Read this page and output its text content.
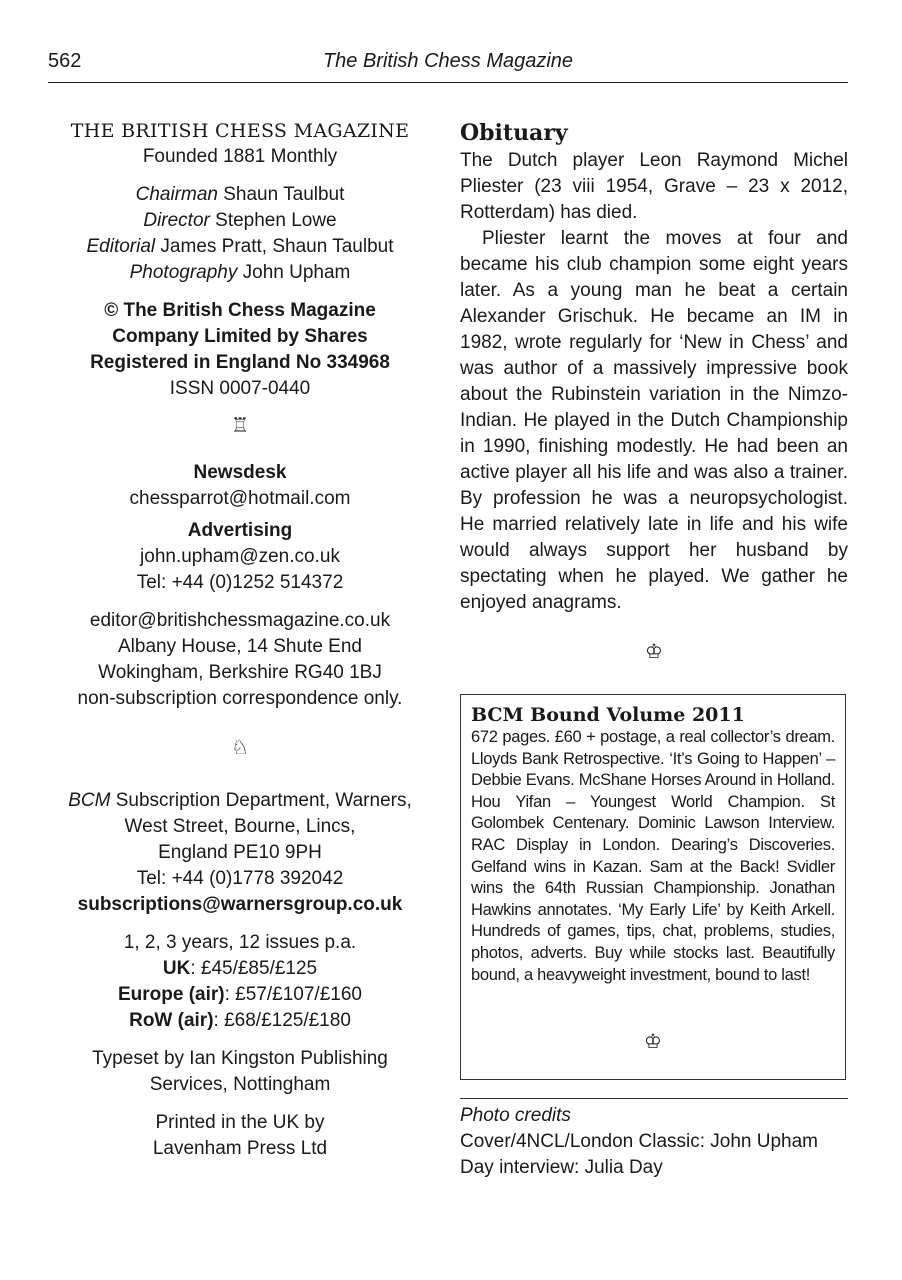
562	The British Chess Magazine

THE BRITISH CHESS MAGAZINE

Founded 1881 Monthly

Chairman Shaun Taulbut

Director Stephen Lowe

Editorial James Pratt, Shaun Taulbut

Photography John Upham

© The British Chess Magazine

Company Limited by Shares

Registered in England No 334968

ISSN 0007-0440

♖

Newsdesk

chessparrot@hotmail.com

Advertising

john.upham@zen.co.uk

Tel: +44 (0)1252 514372

editor@britishchessmagazine.co.uk

Albany House, 14 Shute End

Wokingham, Berkshire RG40 1BJ

non-subscription correspondence only.

♘

BCM Subscription Department, Warners,

West Street, Bourne, Lincs,

England PE10 9PH

Tel: +44 (0)1778 392042

subscriptions@warnersgroup.co.uk

1, 2, 3 years, 12 issues p.a.

UK: £45/£85/£125

Europe (air): £57/£107/£160

RoW (air): £68/£125/£180

Typeset by Ian Kingston Publishing

Services, Nottingham

Printed in the UK by

Lavenham Press Ltd

Obituary

The Dutch player Leon Raymond Michel Pliester (23 viii 1954, Grave – 23 x 2012, Rotterdam) has died.

Pliester learnt the moves at four and became his club champion some eight years later. As a young man he beat a certain Alexander Grischuk. He became an IM in 1982, wrote regularly for ‘New in Chess’ and was author of a massively impressive book about the Rubinstein variation in the Nimzo-Indian. He played in the Dutch Championship in 1990, finishing modestly. He had been an active player all his life and was also a trainer. By profession he was a neuropsychologist. He married relatively late in life and his wife would always support her husband by spectating when he played. We gather he enjoyed anagrams.

♔
BCM Bound Volume 2011

672 pages. £60 + postage, a real collector’s dream. Lloyds Bank Retrospective. ‘It’s Going to Happen’ – Debbie Evans. McShane Horses Around in Holland. Hou Yifan – Youngest World Champion. St Golombek Centenary. Dominic Lawson Interview. RAC Display in London. Dearing’s Discoveries. Gelfand wins in Kazan. Sam at the Back! Svidler wins the 64th Russian Championship. Jonathan Hawkins annotates. ‘My Early Life’ by Keith Arkell. Hundreds of games, tips, chat, problems, studies, photos, adverts. Buy while stocks last. Beautifully bound, a heavyweight investment, bound to last!

♔

Photo credits

Cover/4NCL/London Classic: John Upham

Day interview: Julia Day
